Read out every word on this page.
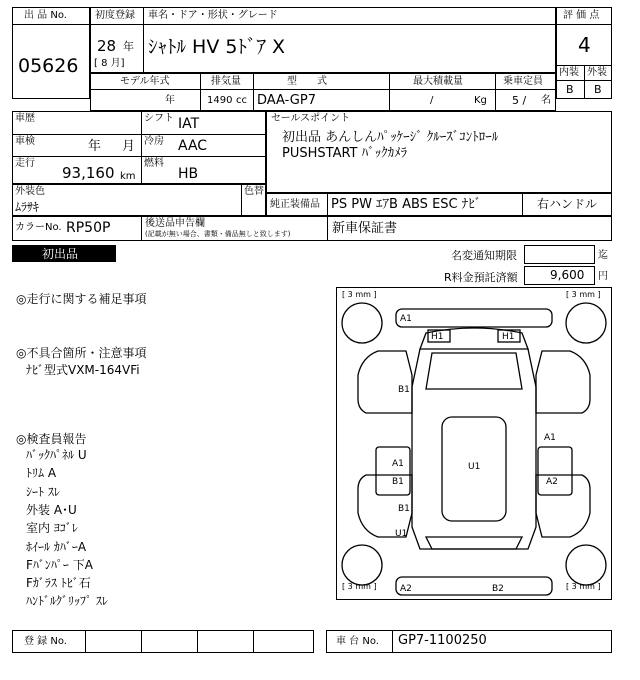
出 品 No.
05626
初度登録 車名・ドア・形状・グレード
28 年
[ 8 月]
ｼｬﾄﾙ HV 5ﾄﾞｱ X
評 価 点
4
内装 外装
B B
モデル年式	排気量	型　　式	最大積載量	乗車定員
年	1490 cc DAA-GP7	/	Kg 5 / 名
車歴
車検	年 月
走行
93,160 km
シフト IAT
冷房 AAC
燃料
HB
セールスポイント
初出品 あんしんﾊﾟｯｹｰｼﾞ ｸﾙｰｽﾞｺﾝﾄﾛｰﾙ
PUSHSTART ﾊﾞｯｸｶﾒﾗ
外装色
ﾑﾗｻｷ
色替
純正装備品 PS PW ｴｱB ABS ESC ﾅﾋﾞ	右ハンドル
カラーNo. RP50P	後送品申告欄
(記載が無い場合、書類・備品無しと致します)	新車保証書
初出品	名変通知期限	迄
R料金預託済額	9,600 円
◎走行に関する補足事項
◎不具合箇所・注意事項
ﾅﾋﾞ型式VXM-164VFi
◎検査員報告
ﾊﾞｯｸﾊﾟﾈﾙ U
ﾄﾘﾑ A
ｼｰﾄ ｽﾚ
外装 A･U
室内 ﾖｺﾞﾚ
ﾎｲｰﾙ ｶﾊﾞｰA
Fﾊﾞﾝﾊﾟｰ 下A
Fｶﾞﾗｽ ﾄﾋﾞ石
ﾊﾝﾄﾞﾙｸﾞﾘｯﾌﾟ ｽﾚ
[ 3 mm ]	[ 3 mm ]
[ 3 mm ]	[ 3 mm ]
A1
H1	H1
B1
A1
A1	U1
B1	A2
B1
U1
A2	B2
登 録 No.	車 台 No. GP7-1100250
